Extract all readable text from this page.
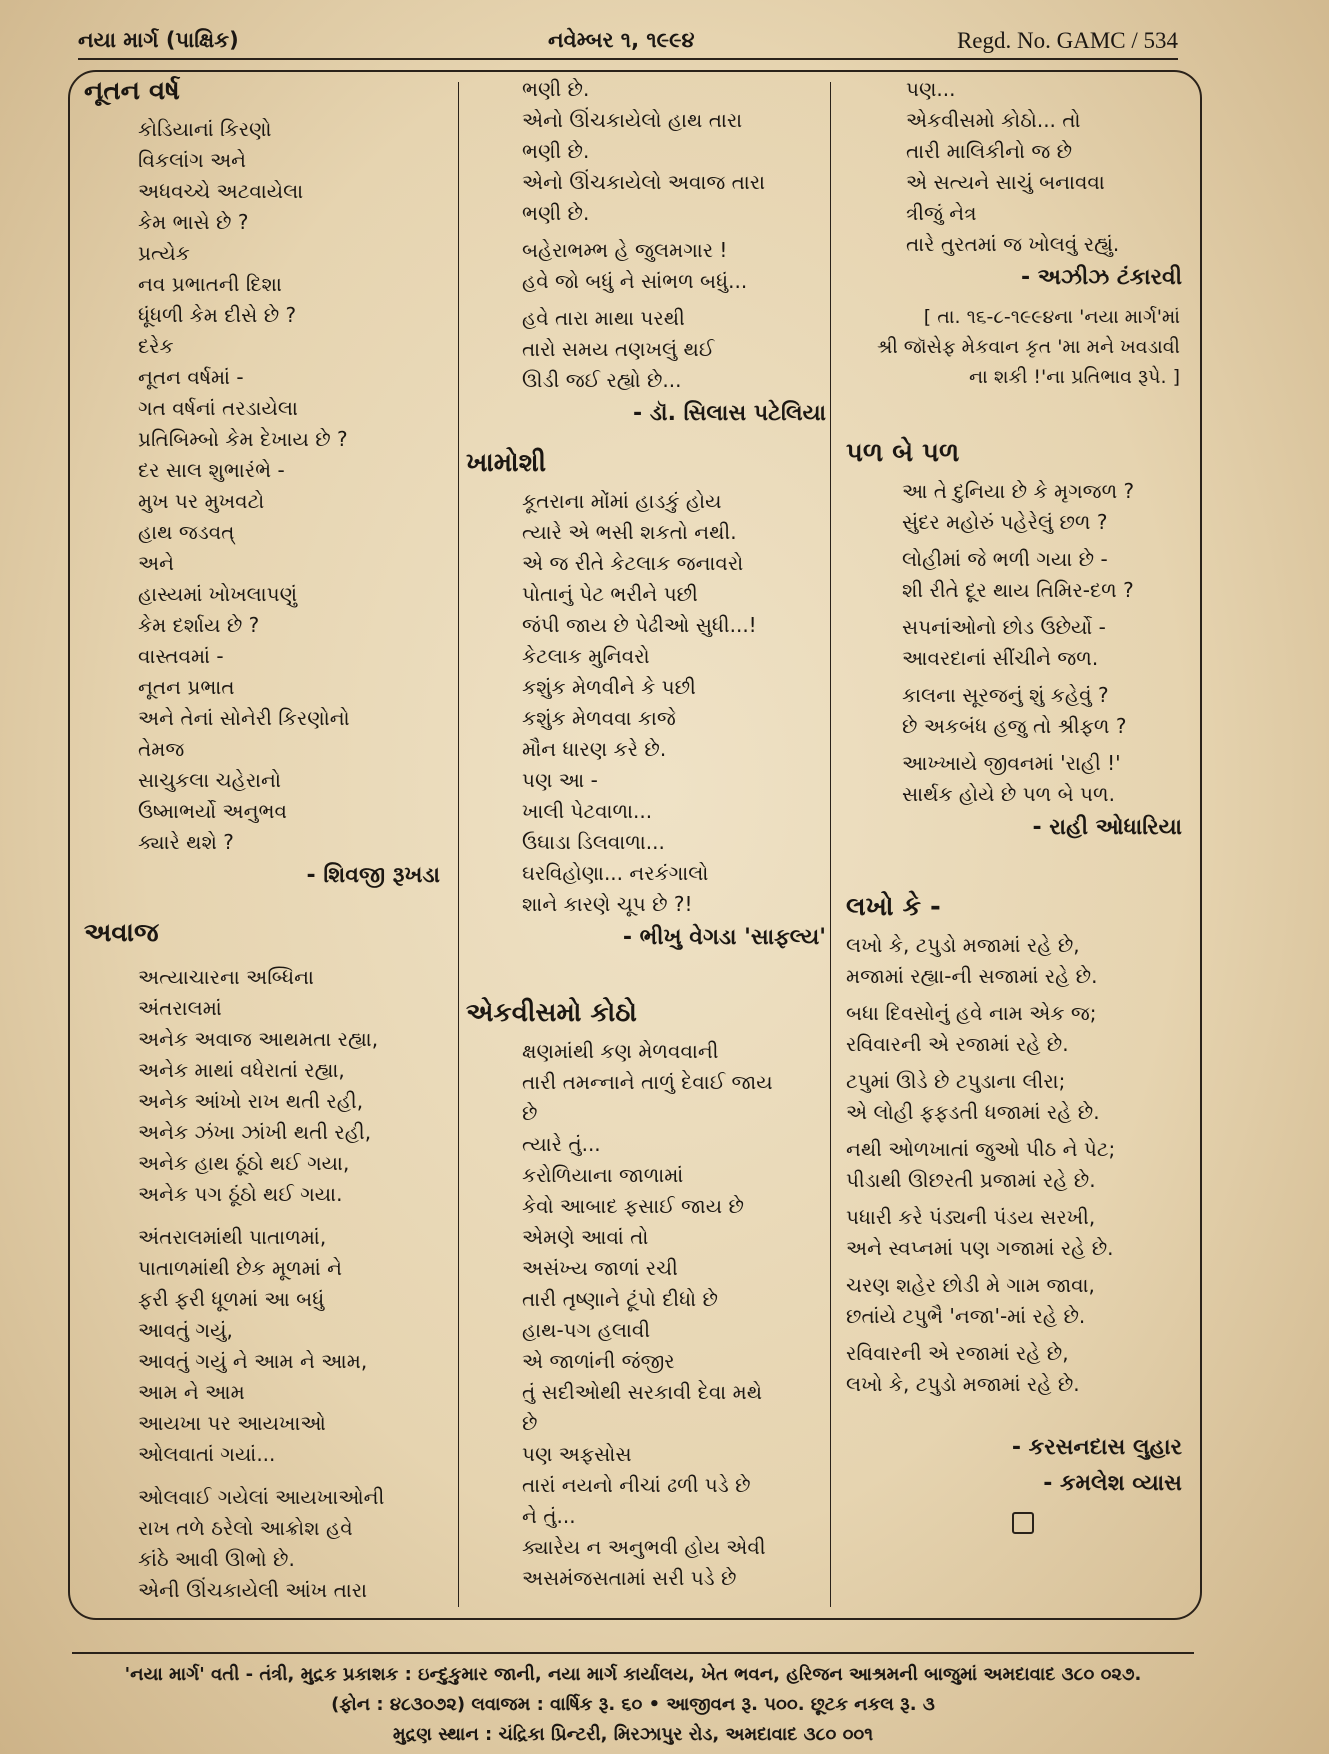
નયા માર્ગ (પાક્ષિક)	નવેમ્બર ૧, ૧૯૯૪	Regd. No. GAMC / 534
નૂતન વર્ષ
કોડિયાનાં કિરણો
વિકલાંગ અને
અધવચ્ચે અટવાયેલા
કેમ ભાસે છે ?
પ્રત્યેક
નવ પ્રભાતની દિશા
ધૂંધળી કેમ દીસે છે ?
દરેક
નૂતન વર્ષમાં -
ગત વર્ષનાં તરડાયેલા
પ્રતિબિમ્બો કેમ દેખાય છે ?
દર સાલ શુભારંભે -
મુખ પર મુખવટો
હાથ જડવત્
અને
હાસ્યમાં ખોખલાપણું
કેમ દર્શાય છે ?
વાસ્તવમાં -
નૂતન પ્રભાત
અને તેનાં સોનેરી કિરણોનો
તેમજ
સાચુકલા ચહેરાનો
ઉષ્માભર્યો અનુભવ
ક્યારે થશે ?
- શિવજી રૂખડા
અવાજ
અત્યાચારના અબ્ધિના
અંતરાલમાં
અનેક અવાજ આથમતા રહ્યા,
અનેક માથાં વધેરાતાં રહ્યા,
અનેક આંખો રાખ થતી રહી,
અનેક ઝંખા ઝાંખી થતી રહી,
અનેક હાથ ઠૂંઠો થઈ ગયા,
અનેક પગ ઠૂંઠો થઈ ગયા.
અંતરાલમાંથી પાતાળમાં,
પાતાળમાંથી છેક મૂળમાં ને
ફરી ફરી ધૂળમાં આ બધું
આવતું ગયું,
આવતું ગયું ને આમ ને આમ,
આમ ને આમ
આયખા પર આયખાઓ
ઓલવાતાં ગયાં...
ઓલવાઈ ગયેલાં આયખાઓની
રાખ તળે ઠરેલો આક્રોશ હવે
કાંઠે આવી ઊભો છે.
એની ઊંચકાયેલી આંખ તારા
ભણી છે.
એનો ઊંચકાયેલો હાથ તારા
ભણી છે.
એનો ઊંચકાયેલો અવાજ તારા
ભણી છે.
બહેરાભમ્ભ હે જુલમગાર !
હવે જો બધું ને સાંભળ બધું...
હવે તારા માથા પરથી
તારો સમય તણખલું થઈ
ઊડી જઈ રહ્યો છે...
- ડૉ. સિલાસ પટેલિયા
ખામોશી
કૂતરાના મોંમાં હાડકું હોય
ત્યારે એ ભસી શકતો નથી.
એ જ રીતે કેટલાક જનાવરો
પોતાનું પેટ ભરીને પછી
જંપી જાય છે પેઢીઓ સુધી...!
કેટલાક મુનિવરો
કશુંક મેળવીને કે પછી
કશુંક મેળવવા કાજે
મૌન ધારણ કરે છે.
પણ આ -
ખાલી પેટવાળા...
ઉઘાડા ડિલવાળા...
ઘરવિહોણા... નરકંગાલો
શાને કારણે ચૂપ છે ?!
- ભીખુ વેગડા 'સાફલ્ય'
એકવીસમો કોઠો
ક્ષણમાંથી કણ મેળવવાની
તારી તમન્નાને તાળું દેવાઈ જાય
છે
ત્યારે તું...
કરોળિયાના જાળામાં
કેવો આબાદ ફસાઈ જાય છે
એમણે આવાં તો
અસંખ્ય જાળાં રચી
તારી તૃષ્ણાને ટૂંપો દીધો છે
હાથ-પગ હલાવી
એ જાળાંની જંજીર
તું સદીઓથી સરકાવી દેવા મથે
છે
પણ અફસોસ
તારાં નયનો નીચાં ઢળી પડે છે
ને તું...
ક્યારેય ન અનુભવી હોય એવી
અસમંજસતામાં સરી પડે છે
પણ...
એકવીસમો કોઠો... તો
તારી માલિકીનો જ છે
એ સત્યને સાચું બનાવવા
ત્રીજું નેત્ર
તારે તુરતમાં જ ખોલવું રહ્યું.
- અઝીઝ ટંકારવી
[ તા. ૧૬-૮-૧૯૯૪ના 'નયા માર્ગ'માં
શ્રી જૉસેફ મેકવાન કૃત 'મા મને ખવડાવી
ના શકી !'ના પ્રતિભાવ રૂપે. ]
પળ બે પળ
આ તે દુનિયા છે કે મૃગજળ ?
સુંદર મહોરું પહેરેલું છળ ?
લોહીમાં જે ભળી ગયા છે -
શી રીતે દૂર થાય તિમિર-દળ ?
સપનાંઓનો છોડ ઉછેર્યો -
આવરદાનાં સીંચીને જળ.
કાલના સૂરજનું શું કહેવું ?
છે અકબંધ હજુ તો શ્રીફળ ?
આખ્ખાયે જીવનમાં 'રાહી !'
સાર્થક હોયે છે પળ બે પળ.
- રાહી ઓધારિયા
લખો કે -
લખો કે, ટપુડો મજામાં રહે છે,
મજામાં રહ્યા-ની સજામાં રહે છે.
બધા દિવસોનું હવે નામ એક જ;
રવિવારની એ રજામાં રહે છે.
ટપુમાં ઊડે છે ટપુડાના લીરા;
એ લોહી ફફડતી ધજામાં રહે છે.
નથી ઓળખાતાં જુઓ પીઠ ને પેટ;
પીડાથી ઊછરતી પ્રજામાં રહે છે.
પધારી કરે પંડ્યની પંડય સરખી,
અને સ્વપ્નમાં પણ ગજામાં રહે છે.
ચરણ શહેર છોડી મે ગામ જાવા,
છતાંયે ટપુભૈ 'નજા'-માં રહે છે.
રવિવારની એ રજામાં રહે છે,
લખો કે, ટપુડો મજામાં રહે છે.
- કરસનદાસ લુહાર
- કમલેશ વ્યાસ
'નયા માર્ગ' વતી - તંત્રી, મુદ્રક પ્રકાશક : ઇન્દુકુમાર જાની, નયા માર્ગ કાર્યાલય, ખેત ભવન, હરિજન આશ્રમની બાજુમાં અમદાવાદ ૩૮૦ ૦૨૭.
(ફોન : ૪૮૩૦૭૨) લવાજમ : વાર્ષિક રૂ. ૬૦ • આજીવન રૂ. ૫૦૦. છૂટક નકલ રૂ. ૩
મુદ્રણ સ્થાન : ચંદ્રિકા પ્રિન્ટરી, મિરઝાપુર રોડ, અમદાવાદ ૩૮૦ ૦૦૧
